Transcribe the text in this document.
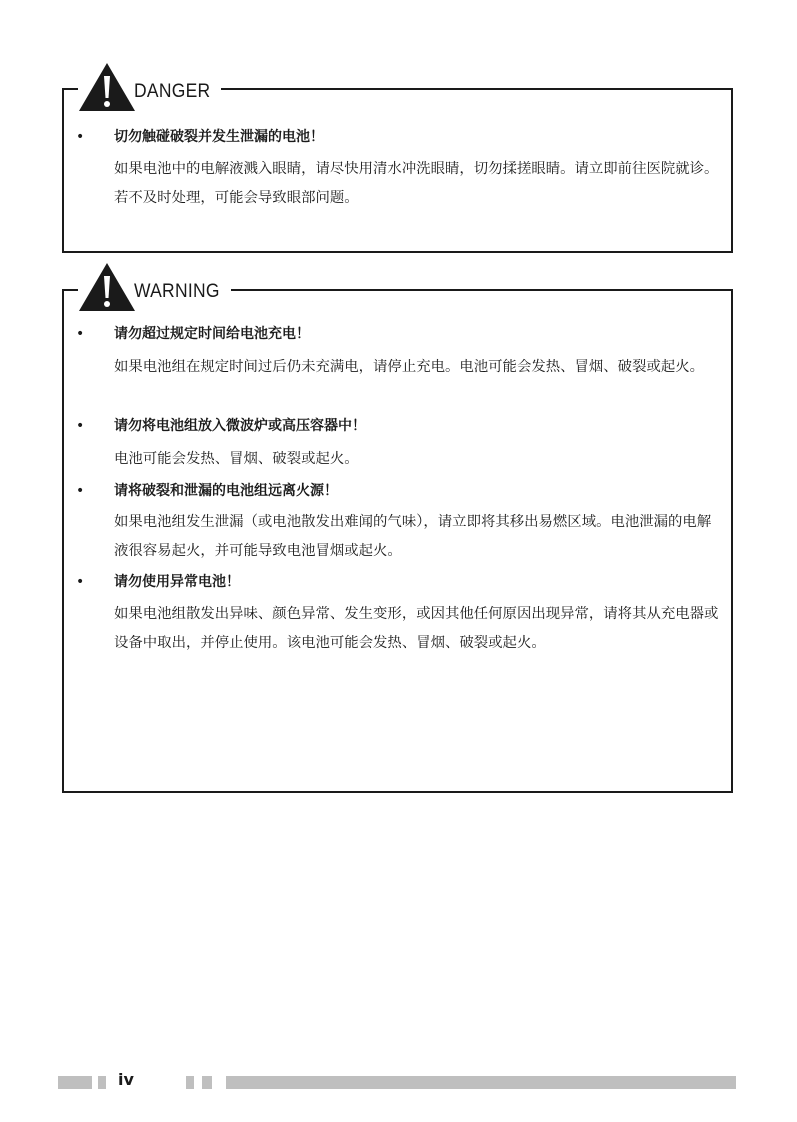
DANGER
• 切勿触碰破裂并发生泄漏的电池！
如果电池中的电解液溅入眼睛，请尽快用清水冲洗眼睛，切勿揉搓眼睛。请立即前往医院就诊。若不及时处理，可能会导致眼部问题。
WARNING
• 请勿超过规定时间给电池充电！
如果电池组在规定时间过后仍未充满电，请停止充电。电池可能会发热、冒烟、破裂或起火。
• 请勿将电池组放入微波炉或高压容器中！
电池可能会发热、冒烟、破裂或起火。
• 请将破裂和泄漏的电池组远离火源！
如果电池组发生泄漏（或电池散发出难闻的气味），请立即将其移出易燃区域。电池泄漏的电解液很容易起火，并可能导致电池冒烟或起火。
• 请勿使用异常电池！
如果电池组散发出异味、颜色异常、发生变形，或因其他任何原因出现异常，请将其从充电器或设备中取出，并停止使用。该电池可能会发热、冒烟、破裂或起火。
iv
